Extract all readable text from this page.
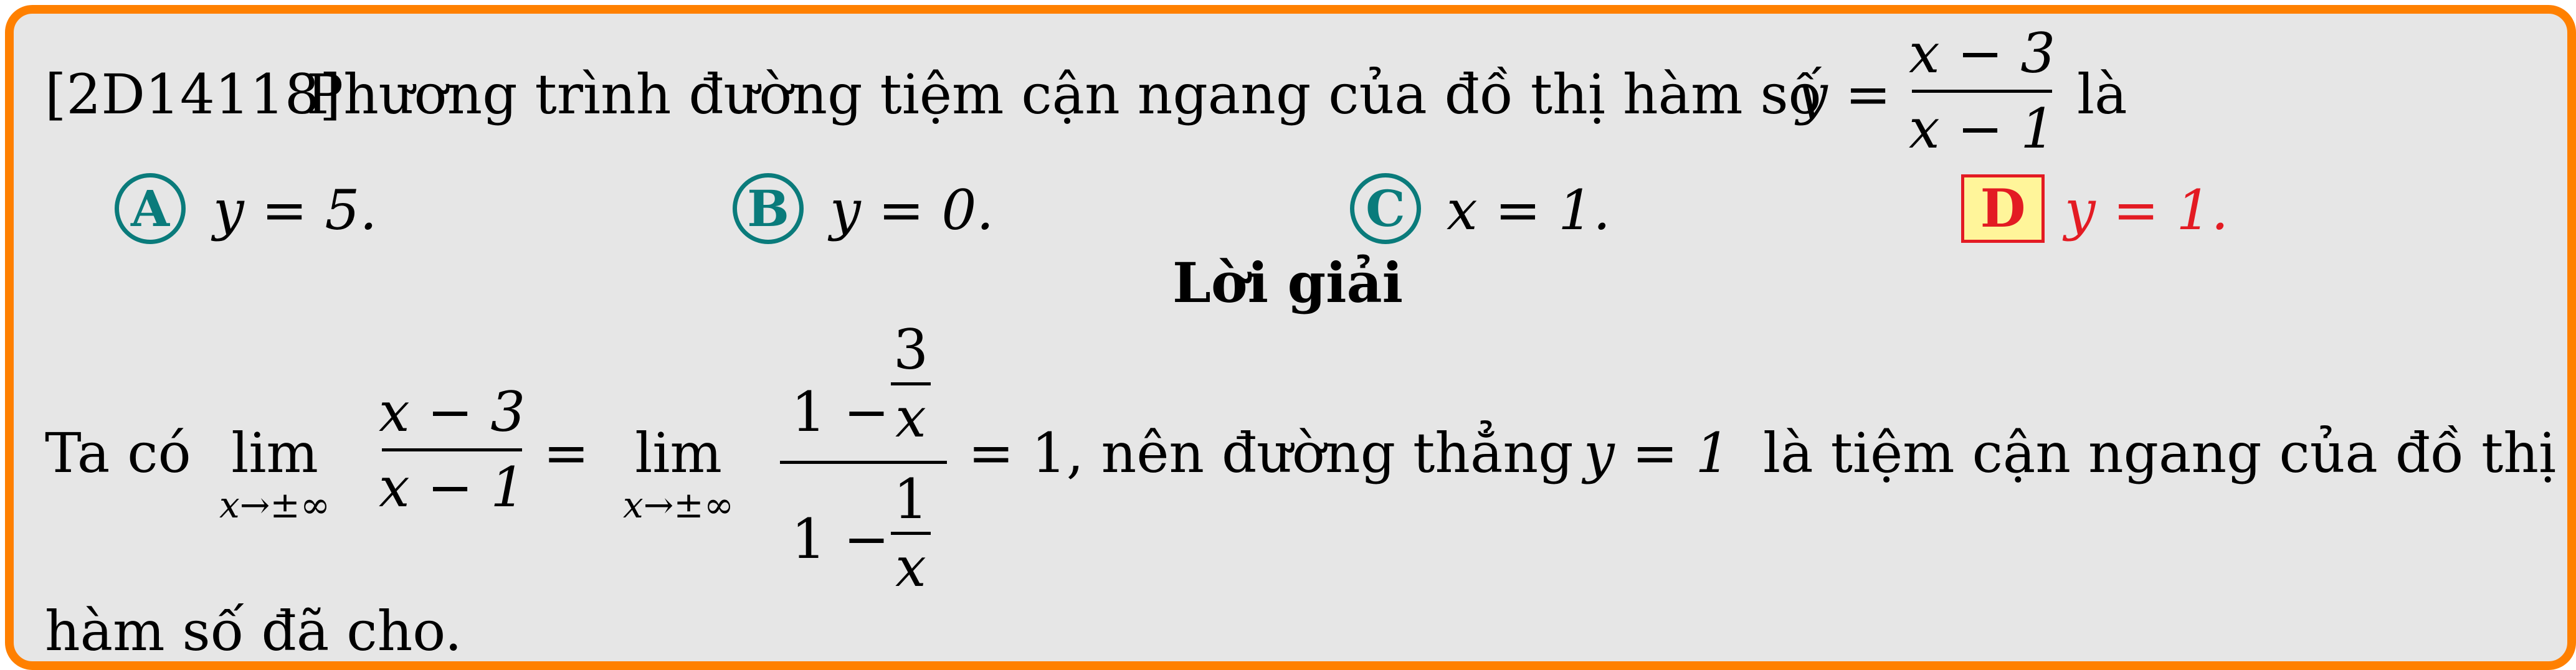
[2D14118]
Phương trình đường tiệm cận ngang của đồ thị hàm số
y =
x − 3
x − 1
là
A y = 5.	B y = 0.	C x = 1.	D y = 1.
Lời giải
Ta có lim
x→±∞
x − 3
x − 1
= lim
x→±∞
1 −
3
x
1 −
1
x
= 1, nên đường thẳng y = 1 là tiệm cận ngang của đồ thị
hàm số đã cho.
